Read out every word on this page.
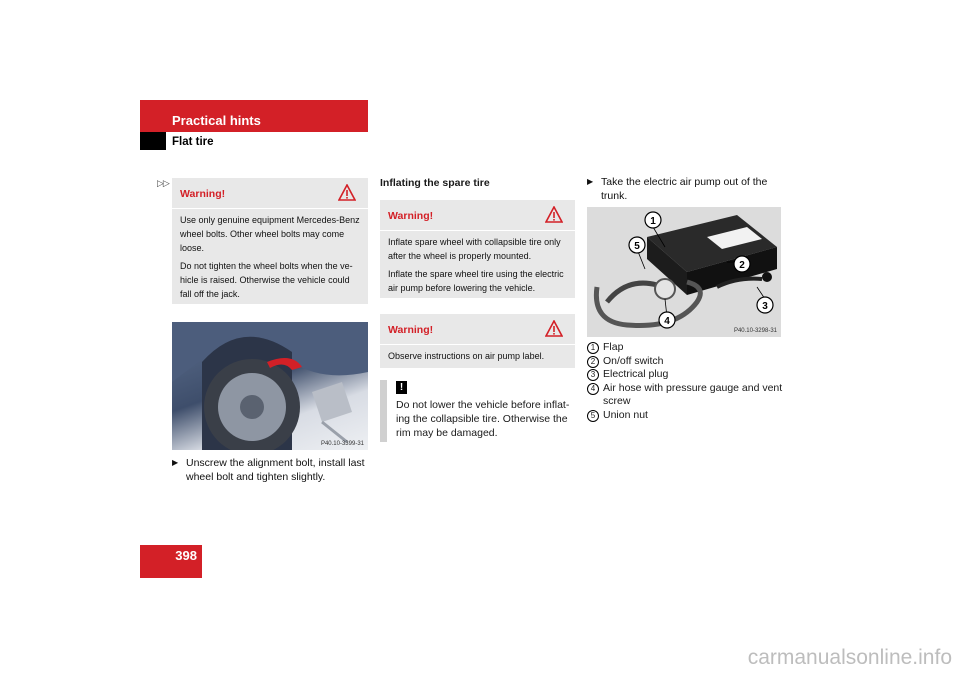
Practical hints
Flat tire
▷▷
Warning!

Use only genuine equipment Mercedes-Benz wheel bolts. Other wheel bolts may come loose.

Do not tighten the wheel bolts when the ve-hicle is raised. Otherwise the vehicle could fall off the jack.

P40.10-3399-31
▶ Unscrew the alignment bolt, install last wheel bolt and tighten slightly.
Inflating the spare tire
Warning!

Inflate spare wheel with collapsible tire only after the wheel is properly mounted.

Inflate the spare wheel tire using the electric air pump before lowering the vehicle.

Warning!

Observe instructions on air pump label.

!
Do not lower the vehicle before inflat-ing the collapsible tire. Otherwise the rim may be damaged.
▶ Take the electric air pump out of the trunk.
1
2
3
4
5
P40.10-3298-31
1 Flap
2 On/off switch
3 Electrical plug
4 Air hose with pressure gauge and vent screw
5 Union nut
398
carmanualsonline.info
